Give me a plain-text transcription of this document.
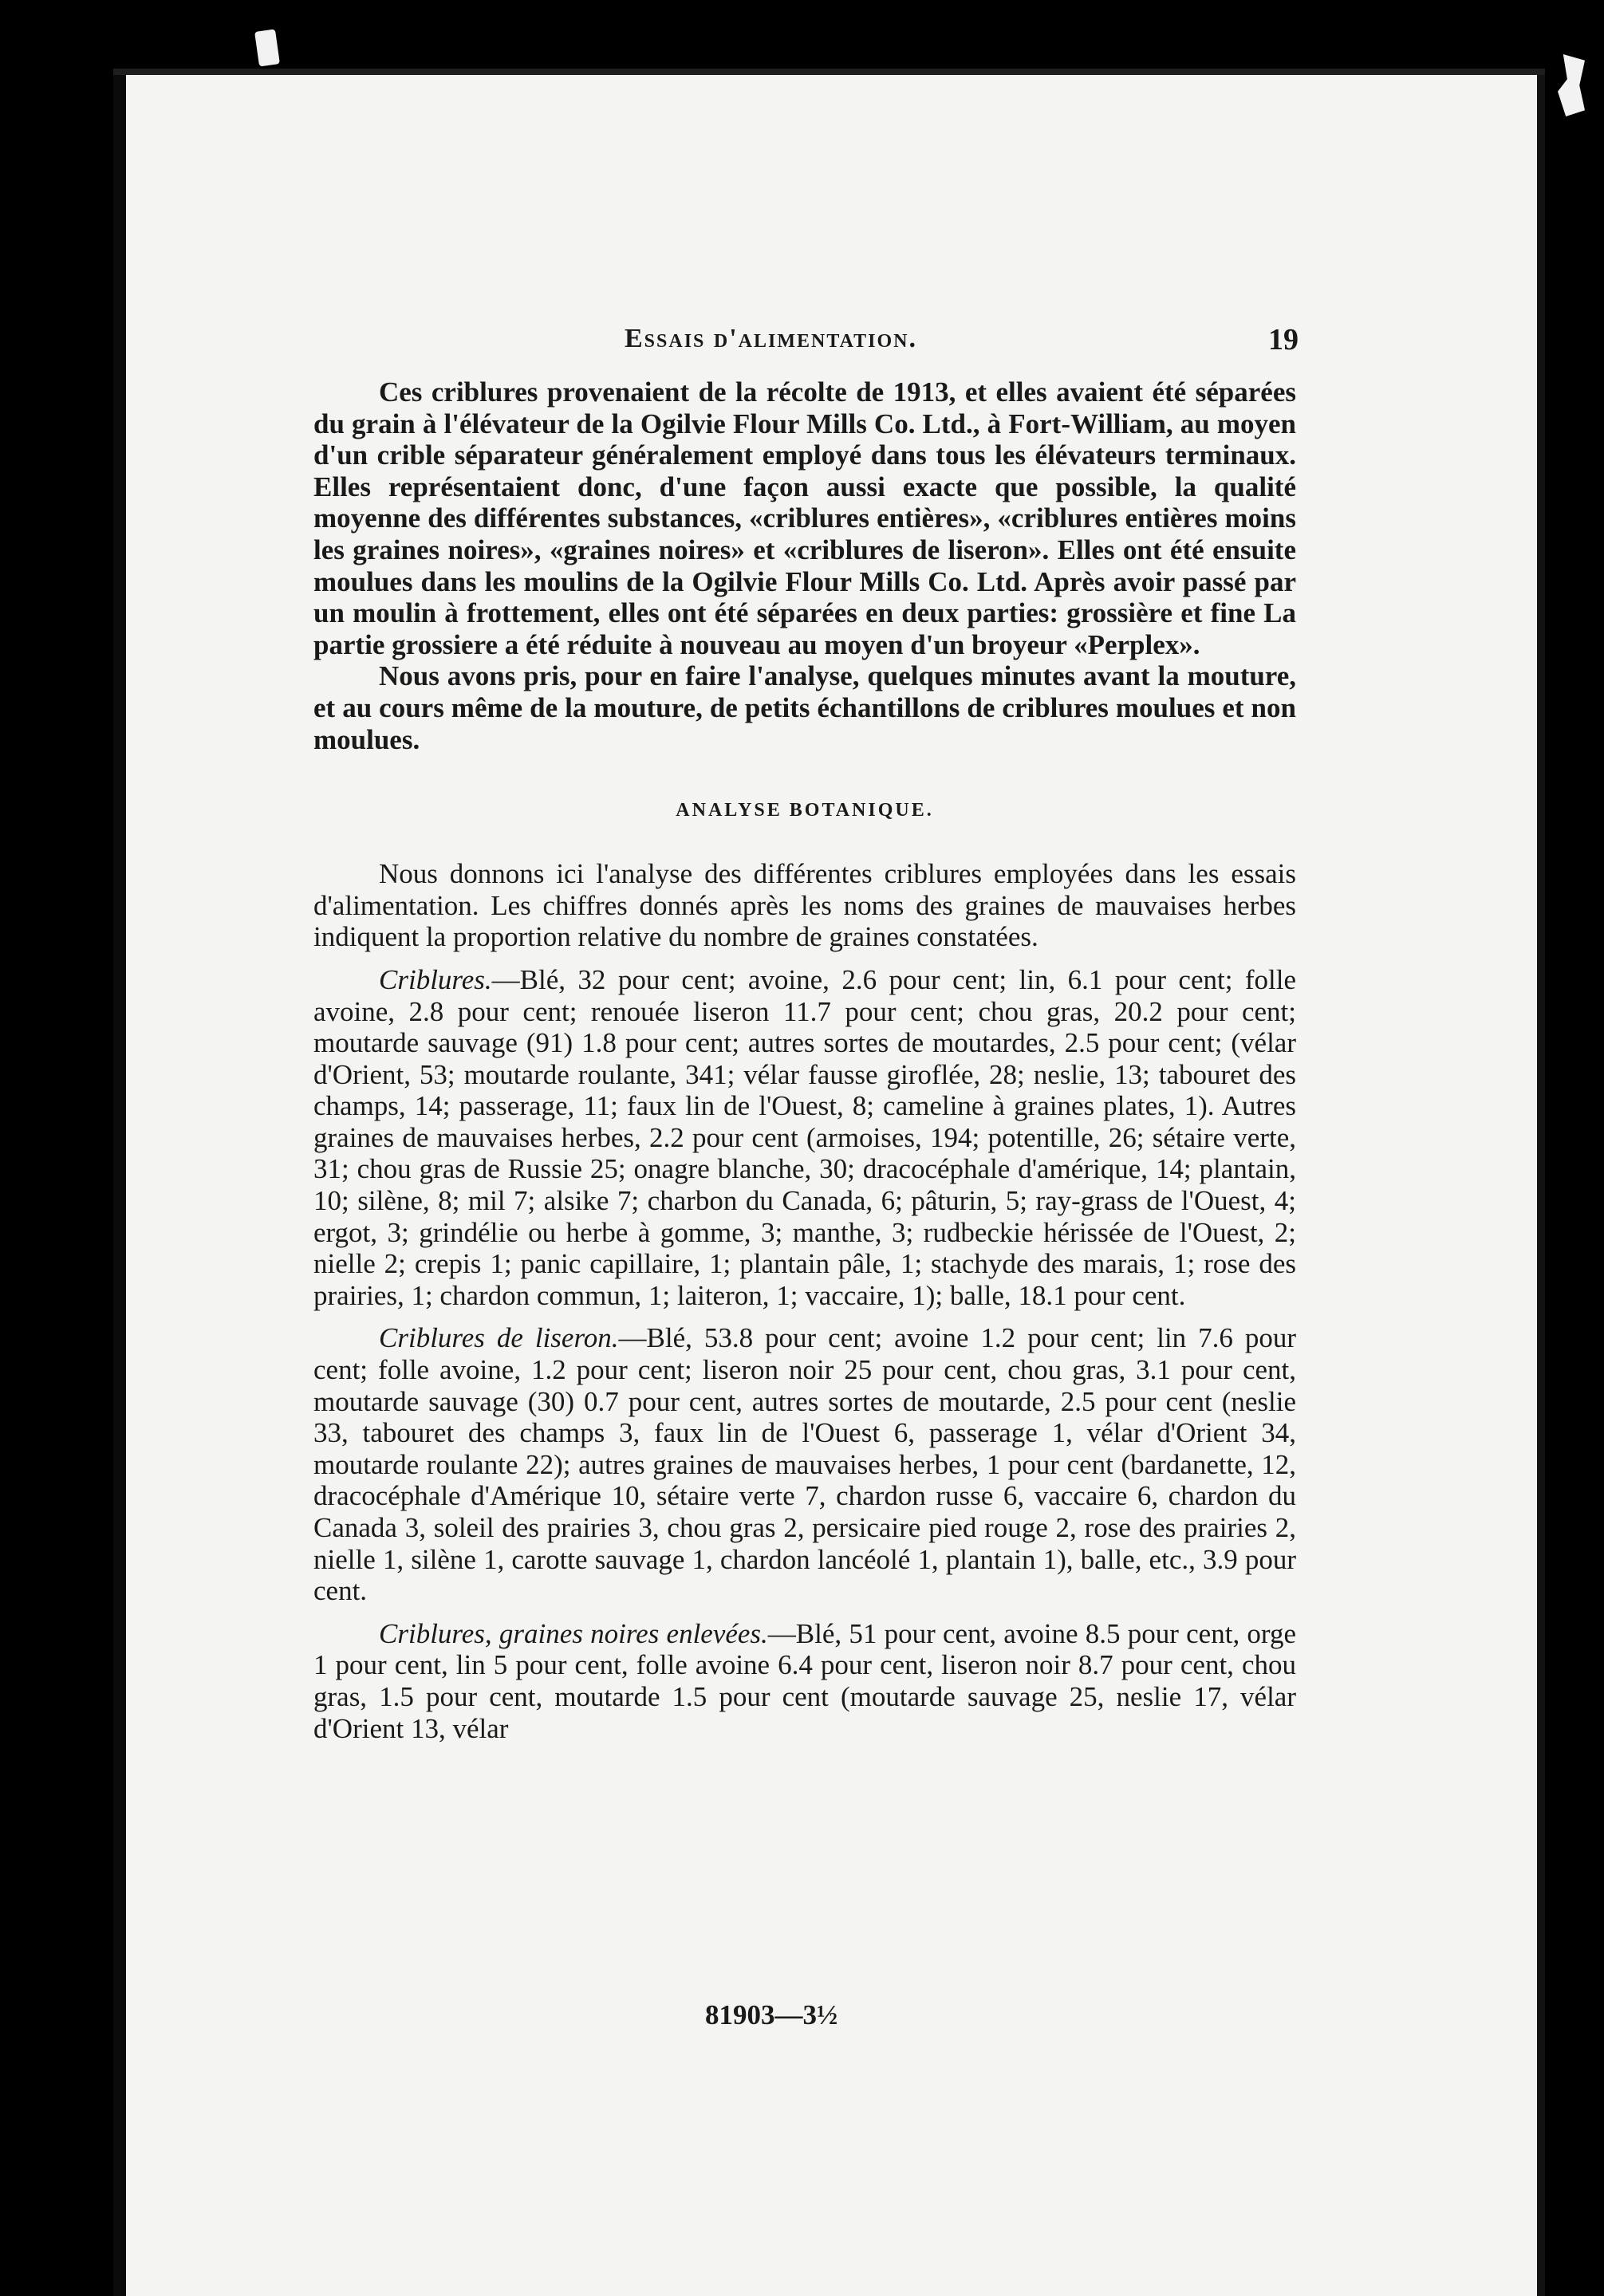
Essais d'alimentation.	19

Ces criblures provenaient de la récolte de 1913, et elles avaient été séparées du grain à l'élévateur de la Ogilvie Flour Mills Co. Ltd., à Fort-William, au moyen d'un crible séparateur généralement employé dans tous les élévateurs terminaux. Elles représentaient donc, d'une façon aussi exacte que possible, la qualité moyenne des différentes substances, «criblures entières», «criblures entières moins les graines noires», «graines noires» et «criblures de liseron». Elles ont été ensuite moulues dans les moulins de la Ogilvie Flour Mills Co. Ltd. Après avoir passé par un moulin à frottement, elles ont été séparées en deux parties: grossière et fine La partie grossiere a été réduite à nouveau au moyen d'un broyeur «Perplex».

Nous avons pris, pour en faire l'analyse, quelques minutes avant la mouture, et au cours même de la mouture, de petits échantillons de criblures moulues et non moulues.

ANALYSE BOTANIQUE.

Nous donnons ici l'analyse des différentes criblures employées dans les essais d'alimentation. Les chiffres donnés après les noms des graines de mauvaises herbes indiquent la proportion relative du nombre de graines constatées.

Criblures.—Blé, 32 pour cent; avoine, 2.6 pour cent; lin, 6.1 pour cent; folle avoine, 2.8 pour cent; renouée liseron 11.7 pour cent; chou gras, 20.2 pour cent; moutarde sauvage (91) 1.8 pour cent; autres sortes de moutardes, 2.5 pour cent; (vélar d'Orient, 53; moutarde roulante, 341; vélar fausse giroflée, 28; neslie, 13; tabouret des champs, 14; passerage, 11; faux lin de l'Ouest, 8; cameline à graines plates, 1). Autres graines de mauvaises herbes, 2.2 pour cent (armoises, 194; potentille, 26; sétaire verte, 31; chou gras de Russie 25; onagre blanche, 30; dracocéphale d'amérique, 14; plantain, 10; silène, 8; mil 7; alsike 7; charbon du Canada, 6; pâturin, 5; ray-grass de l'Ouest, 4; ergot, 3; grindélie ou herbe à gomme, 3; manthe, 3; rudbeckie hérissée de l'Ouest, 2; nielle 2; crepis 1; panic capillaire, 1; plantain pâle, 1; stachyde des marais, 1; rose des prairies, 1; chardon commun, 1; laiteron, 1; vaccaire, 1); balle, 18.1 pour cent.

Criblures de liseron.—Blé, 53.8 pour cent; avoine 1.2 pour cent; lin 7.6 pour cent; folle avoine, 1.2 pour cent; liseron noir 25 pour cent, chou gras, 3.1 pour cent, moutarde sauvage (30) 0.7 pour cent, autres sortes de moutarde, 2.5 pour cent (neslie 33, tabouret des champs 3, faux lin de l'Ouest 6, passerage 1, vélar d'Orient 34, moutarde roulante 22); autres graines de mauvaises herbes, 1 pour cent (bardanette, 12, dracocéphale d'Amérique 10, sétaire verte 7, chardon russe 6, vaccaire 6, chardon du Canada 3, soleil des prairies 3, chou gras 2, persicaire pied rouge 2, rose des prairies 2, nielle 1, silène 1, carotte sauvage 1, chardon lancéolé 1, plantain 1), balle, etc., 3.9 pour cent.

Criblures, graines noires enlevées.—Blé, 51 pour cent, avoine 8.5 pour cent, orge 1 pour cent, lin 5 pour cent, folle avoine 6.4 pour cent, liseron noir 8.7 pour cent, chou gras, 1.5 pour cent, moutarde 1.5 pour cent (moutarde sauvage 25, neslie 17, vélar d'Orient 13, vélar

81903—3½
